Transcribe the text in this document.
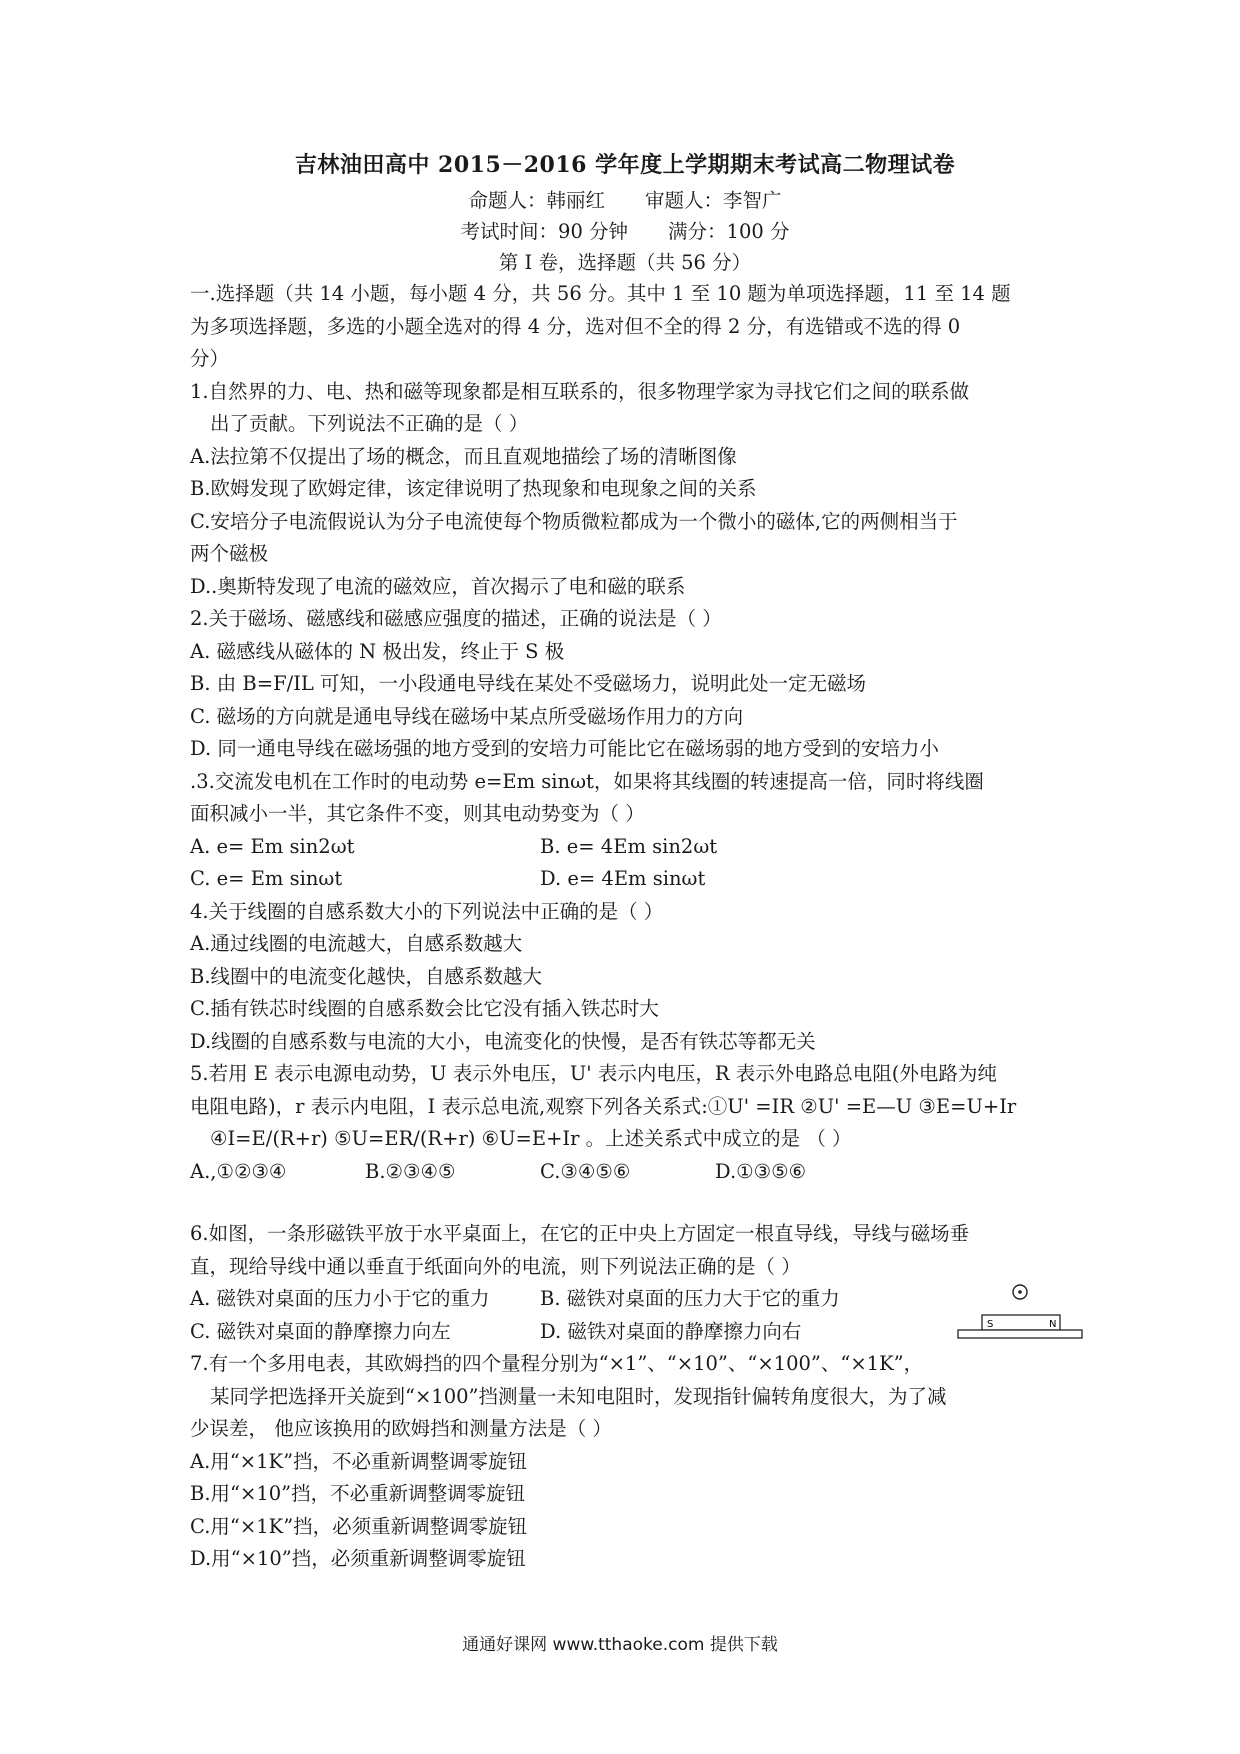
吉林油田高中 2015－2016 学年度上学期期末考试高二物理试卷
命题人：韩丽红 审题人：李智广
考试时间：90 分钟 满分：100 分
第 I 卷，选择题（共 56 分）
一.选择题（共 14 小题，每小题 4 分，共 56 分。其中 1 至 10 题为单项选择题，11 至 14 题
为多项选择题，多选的小题全选对的得 4 分，选对但不全的得 2 分，有选错或不选的得 0
分）
1.自然界的力、电、热和磁等现象都是相互联系的，很多物理学家为寻找它们之间的联系做
出了贡献。下列说法不正确的是（ ）
A.法拉第不仅提出了场的概念，而且直观地描绘了场的清晰图像
B.欧姆发现了欧姆定律，该定律说明了热现象和电现象之间的关系
C.安培分子电流假说认为分子电流使每个物质微粒都成为一个微小的磁体,它的两侧相当于
两个磁极
D..奥斯特发现了电流的磁效应，首次揭示了电和磁的联系
2.关于磁场、磁感线和磁感应强度的描述，正确的说法是（ ）
A. 磁感线从磁体的 N 极出发，终止于 S 极
B. 由 B=F/IL 可知，一小段通电导线在某处不受磁场力，说明此处一定无磁场
C. 磁场的方向就是通电导线在磁场中某点所受磁场作用力的方向
D. 同一通电导线在磁场强的地方受到的安培力可能比它在磁场弱的地方受到的安培力小
.3.交流发电机在工作时的电动势 e=Em sinωt，如果将其线圈的转速提高一倍，同时将线圈
面积减小一半，其它条件不变，则其电动势变为（ ）
A. e= Em sin2ωt	B. e= 4Em sin2ωt
C. e= Em sinωt	D. e= 4Em sinωt
4.关于线圈的自感系数大小的下列说法中正确的是（ ）
A.通过线圈的电流越大，自感系数越大
B.线圈中的电流变化越快，自感系数越大
C.插有铁芯时线圈的自感系数会比它没有插入铁芯时大
D.线圈的自感系数与电流的大小，电流变化的快慢，是否有铁芯等都无关
5.若用 E 表示电源电动势，U 表示外电压，U' 表示内电压，R 表示外电路总电阻(外电路为纯
电阻电路)，r 表示内电阻，I 表示总电流,观察下列各关系式:①U' =IR ②U' =E—U ③E=U+Ir
④I=E/(R+r) ⑤U=ER/(R+r) ⑥U=E+Ir 。上述关系式中成立的是 （ ）
A.,①②③④	B.②③④⑤	C.③④⑤⑥	D.①③⑤⑥
6.如图，一条形磁铁平放于水平桌面上，在它的正中央上方固定一根直导线，导线与磁场垂
直，现给导线中通以垂直于纸面向外的电流，则下列说法正确的是（ ）
A. 磁铁对桌面的压力小于它的重力	B. 磁铁对桌面的压力大于它的重力
C. 磁铁对桌面的静摩擦力向左	D. 磁铁对桌面的静摩擦力向右	S	N
7.有一个多用电表，其欧姆挡的四个量程分别为“×1”、“×10”、“×100”、“×1K”，
某同学把选择开关旋到“×100”挡测量一未知电阻时，发现指针偏转角度很大，为了减
少误差， 他应该换用的欧姆挡和测量方法是（ ）
A.用“×1K”挡，不必重新调整调零旋钮
B.用“×10”挡，不必重新调整调零旋钮
C.用“×1K”挡，必须重新调整调零旋钮
D.用“×10”挡，必须重新调整调零旋钮
通通好课网 www.tthaoke.com 提供下载
